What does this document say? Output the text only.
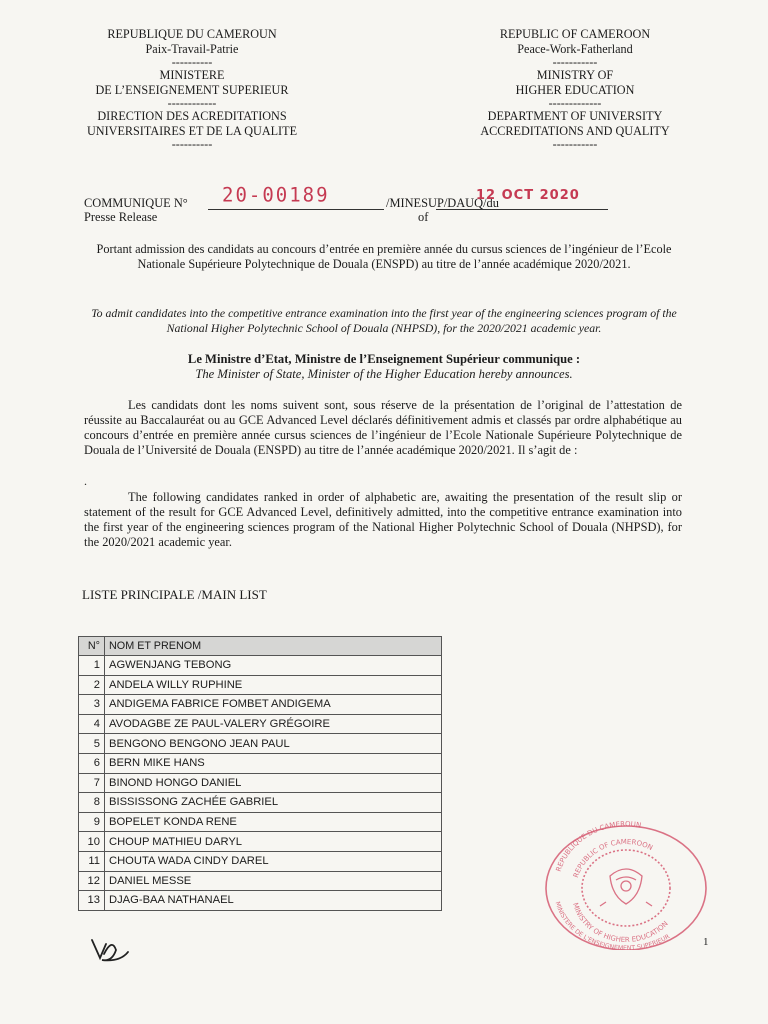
REPUBLIQUE DU CAMEROUN
Paix-Travail-Patrie
----------
MINISTERE
DE L’ENSEIGNEMENT SUPERIEUR
------------
DIRECTION DES ACREDITATIONS
UNIVERSITAIRES ET DE LA QUALITE
----------
REPUBLIC OF CAMEROON
Peace-Work-Fatherland
-----------
MINISTRY OF
HIGHER EDUCATION
-------------
DEPARTMENT OF UNIVERSITY
ACCREDITATIONS AND QUALITY
-----------
COMMUNIQUE N° 20-00189	/MINESUP/DAUQ/du
12 OCT 2020
Presse Release	of
Portant admission des candidats au concours d’entrée en première année du cursus sciences de l’ingénieur de l’Ecole Nationale Supérieure Polytechnique de Douala (ENSPD) au titre de l’année académique 2020/2021.
To admit candidates into the competitive entrance examination into the first year of the engineering sciences program of the National Higher Polytechnic School of Douala (NHPSD), for the 2020/2021 academic year.
Le Ministre d’Etat, Ministre de l’Enseignement Supérieur communique :
The Minister of State, Minister of the Higher Education hereby announces.
Les candidats dont les noms suivent sont, sous réserve de la présentation de l’original de l’attestation de réussite au Baccalauréat ou au GCE Advanced Level déclarés définitivement admis et classés par ordre alphabétique au concours d’entrée en première année cursus sciences de l’ingénieur de l’Ecole Nationale Supérieure Polytechnique de Douala de l’Université de Douala (ENSPD) au titre de l’année académique 2020/2021. Il s’agit de :
.
The following candidates ranked in order of alphabetic are, awaiting the presentation of the result slip or statement of the result for GCE Advanced Level, definitively admitted, into the competitive entrance examination into the first year of the engineering sciences program of the National Higher Polytechnic School of Douala (NHPSD), for the 2020/2021 academic year.
LISTE PRINCIPALE /MAIN LIST
N°	NOM ET PRENOM
1	AGWENJANG TEBONG
2	ANDELA WILLY RUPHINE
3	ANDIGEMA FABRICE FOMBET ANDIGEMA
4	AVODAGBE ZE PAUL-VALERY GRÉGOIRE
5	BENGONO BENGONO JEAN PAUL
6	BERN MIKE HANS
7	BINOND HONGO DANIEL
8	BISSISSONG ZACHÉE GABRIEL
9	BOPELET KONDA RENE
10	CHOUP MATHIEU DARYL
11	CHOUTA WADA CINDY DAREL
12	DANIEL MESSE
13	DJAG-BAA NATHANAEL
REPUBLIQUE DU CAMEROUN
REPUBLIC OF CAMEROON
MINISTRY OF HIGHER EDUCATION
MINISTERE DE L'ENSEIGNEMENT SUPERIEUR	1
